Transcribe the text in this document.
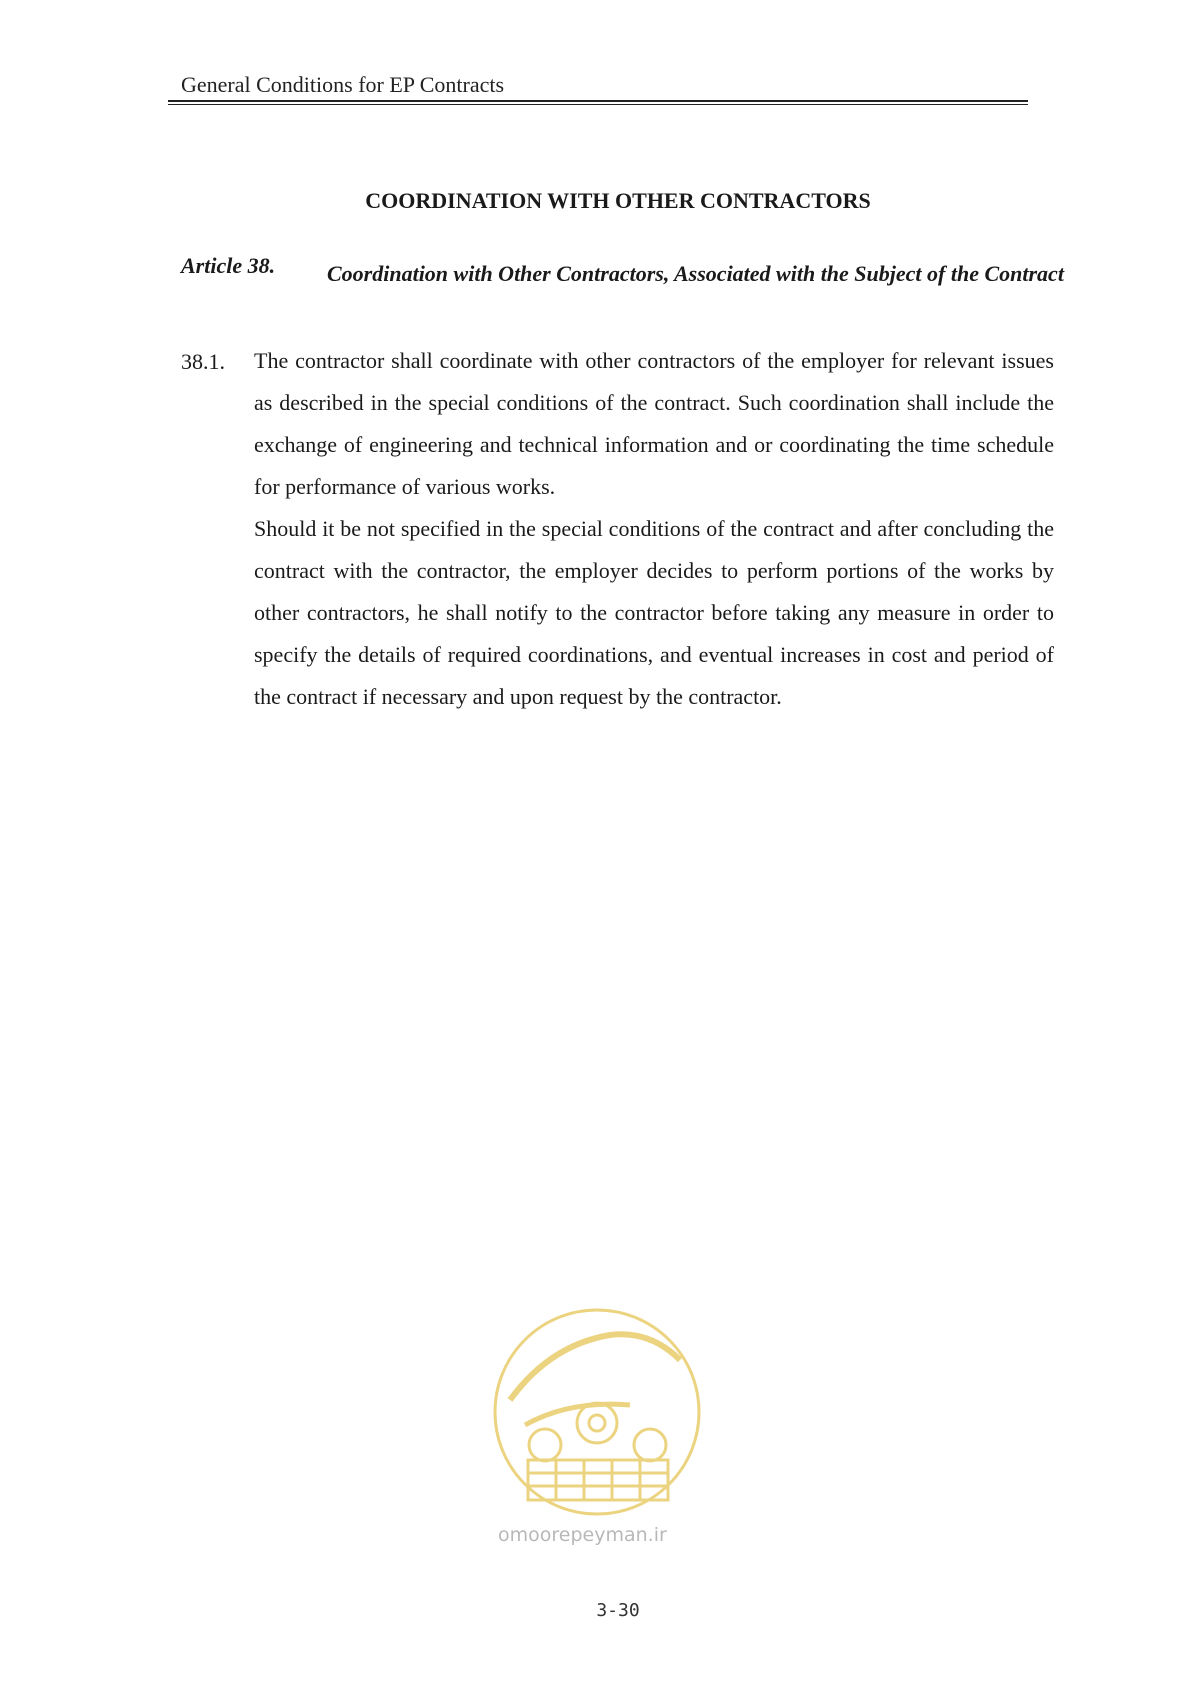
General Conditions for EP Contracts
COORDINATION WITH OTHER CONTRACTORS
Article 38. Coordination with Other Contractors, Associated with the Subject of the Contract
38.1. The contractor shall coordinate with other contractors of the employer for relevant issues as described in the special conditions of the contract. Such coordination shall include the exchange of engineering and technical information and or coordinating the time schedule for performance of various works.

Should it be not specified in the special conditions of the contract and after concluding the contract with the contractor, the employer decides to perform portions of the works by other contractors, he shall notify to the contractor before taking any measure in order to specify the details of required coordinations, and eventual increases in cost and period of the contract if necessary and upon request by the contractor.

omoorepeyman.ir
3-30
